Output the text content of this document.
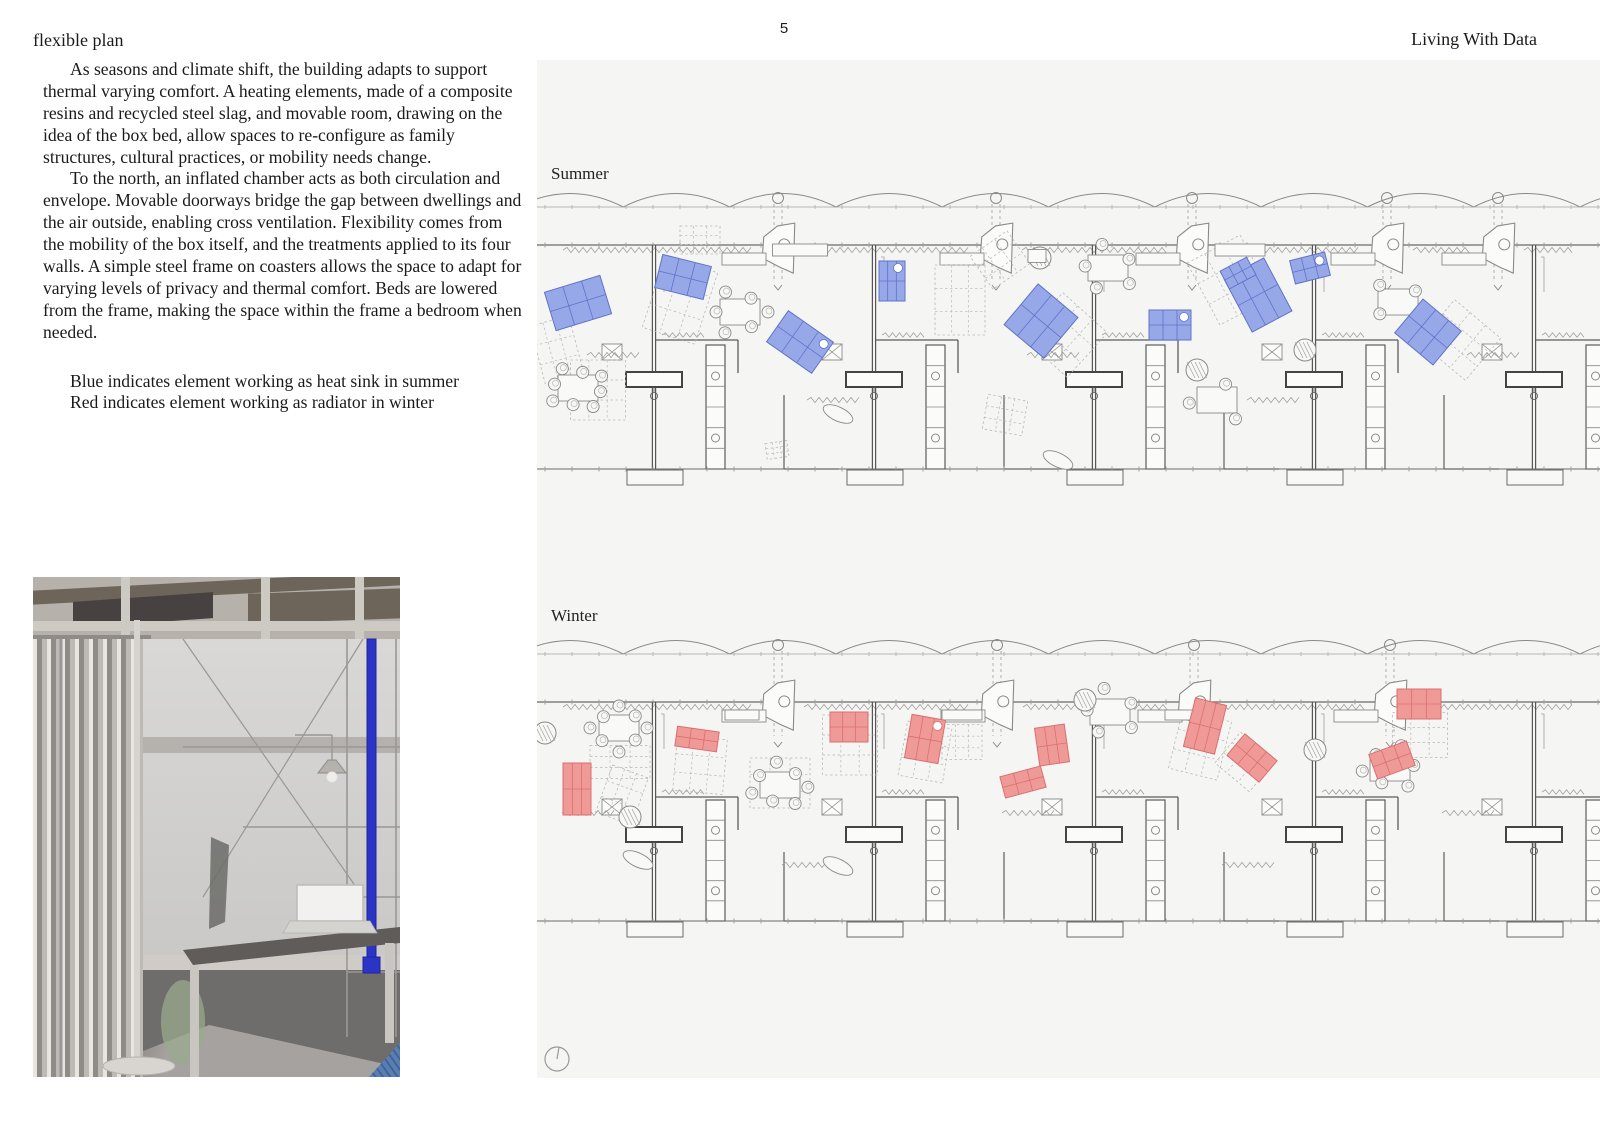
flexible plan
5
Living With Data

As seasons and climate shift, the building adapts to support thermal varying comfort. A heating elements, made of a composite resins and recycled steel slag, and movable room, drawing on the idea of the box bed, allow spaces to re-configure as family structures, cultural practices, or mobility needs change.

To the north, an inflated chamber acts as both circulation and envelope. Movable doorways bridge the gap between dwellings and the air outside, enabling cross ventilation. Flexibility comes from the mobility of the box itself, and the treatments applied to its four walls. A simple steel frame on coasters allows the space to adapt for varying levels of privacy and thermal comfort. Beds are lowered from the frame, making the space within the frame a bedroom when needed.

Blue indicates element working as heat sink in summer
Red indicates element working as radiator in winter
Summer
Winter
